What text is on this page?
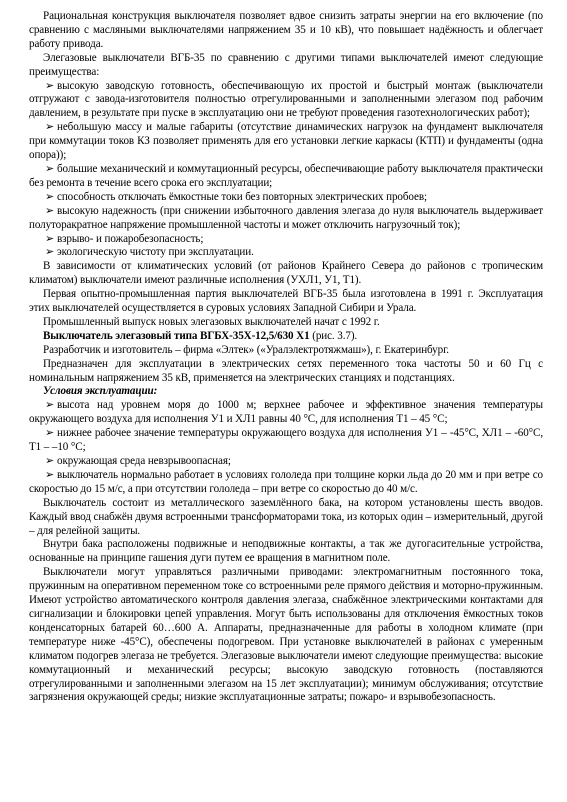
Рациональная конструкция выключателя позволяет вдвое снизить затраты энергии на его включение (по сравнению с масляными выключателями напряжением 35 и 10 кВ), что повышает надёжность и облегчает работу привода.

Элегазовые выключатели ВГБ-35 по сравнению с другими типами выключателей имеют следующие преимущества:

➢ высокую заводскую готовность, обеспечивающую их простой и быстрый монтаж (выключатели отгружают с завода-изготовителя полностью отрегулированными и заполненными элегазом под рабочим давлением, в результате при пуске в эксплуатацию они не требуют проведения газотехнологических работ);

➢ небольшую массу и малые габариты (отсутствие динамических нагрузок на фундамент выключателя при коммутации токов КЗ позволяет применять для его установки легкие каркасы (КТП) и фундаменты (одна опора));

➢ большие механический и коммутационный ресурсы, обеспечивающие работу выключателя практически без ремонта в течение всего срока его эксплуатации;

➢ способность отключать ёмкостные токи без повторных электрических пробоев;

➢ высокую надежность (при снижении избыточного давления элегаза до нуля выключатель выдерживает полуторакратное напряжение промышленной частоты и может отключить нагрузочный ток);

➢ взрыво- и пожаробезопасность;

➢ экологическую чистоту при эксплуатации.

В зависимости от климатических условий (от районов Крайнего Севера до районов с тропическим климатом) выключатели имеют различные исполнения (УХЛ1, У1, Т1).

Первая опытно-промышленная партия выключателей ВГБ-35 была изготовлена в 1991 г. Эксплуатация этих выключателей осуществляется в суровых условиях Западной Сибири и Урала.

Промышленный выпуск новых элегазовых выключателей начат с 1992 г.

Выключатель элегазовый типа ВГБХ-35Х-12,5/630 Х1 (рис. 3.7).

Разработчик и изготовитель – фирма «Элтек» («Уралэлектротяжмаш»), г. Екатеринбург.

Предназначен для эксплуатации в электрических сетях переменного тока частоты 50 и 60 Гц с номинальным напряжением 35 кВ, применяется на электрических станциях и подстанциях.

Условия эксплуатации:

➢ высота над уровнем моря до 1000 м; верхнее рабочее и эффективное значения температуры окружающего воздуха для исполнения У1 и ХЛ1 равны 40 °С, для исполнения Т1 – 45 °С;

➢ нижнее рабочее значение температуры окружающего воздуха для исполнения У1 – -45°С, ХЛ1 – -60°С, Т1 – –10 °С;

➢ окружающая среда невзрывоопасная;

➢ выключатель нормально работает в условиях гололеда при толщине корки льда до 20 мм и при ветре со скоростью до 15 м/с, а при отсутствии гололеда – при ветре со скоростью до 40 м/с.

Выключатель состоит из металлического заземлённого бака, на котором установлены шесть вводов. Каждый ввод снабжён двумя встроенными трансформаторами тока, из которых один – измерительный, другой – для релейной защиты.

Внутри бака расположены подвижные и неподвижные контакты, а так же дугогасительные устройства, основанные на принципе гашения дуги путем ее вращения в магнитном поле.

Выключатели могут управляться различными приводами: электромагнитным постоянного тока, пружинным на оперативном переменном токе со встроенными реле прямого действия и моторно-пружинным. Имеют устройство автоматического контроля давления элегаза, снабжённое электрическими контактами для сигнализации и блокировки цепей управления. Могут быть использованы для отключения ёмкостных токов конденсаторных батарей 60…600 А. Аппараты, предназначенные для работы в холодном климате (при температуре ниже -45°С), обеспечены подогревом. При установке выключателей в районах с умеренным климатом подогрев элегаза не требуется. Элегазовые выключатели имеют следующие преимущества: высокие коммутационный и механический ресурсы; высокую заводскую готовность (поставляются отрегулированными и заполненными элегазом на 15 лет эксплуатации); минимум обслуживания; отсутствие загрязнения окружающей среды; низкие эксплуатационные затраты; пожаро- и взрывобезопасность.
